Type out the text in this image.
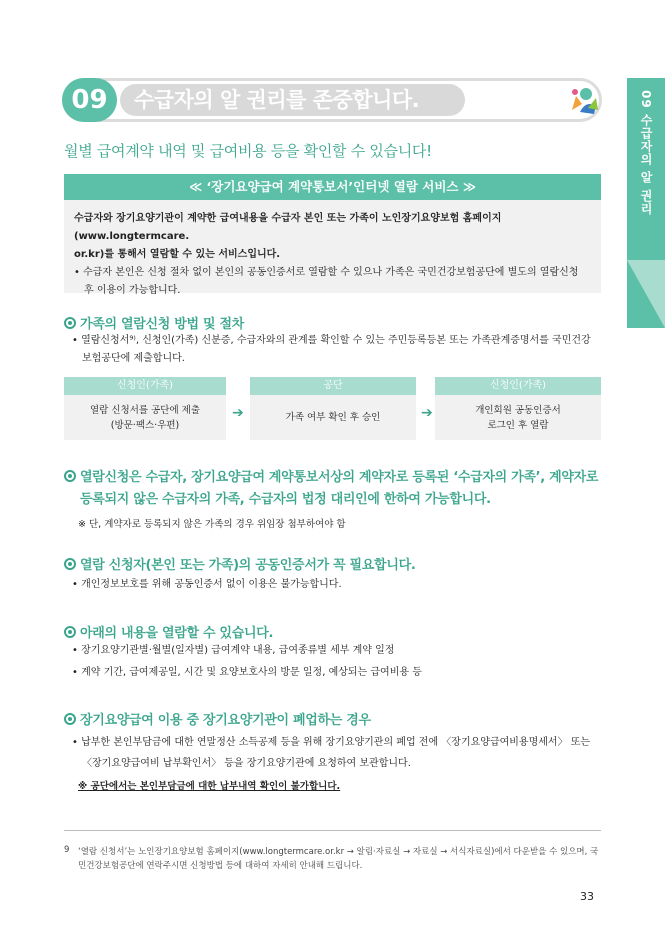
09 수급자의 알 권리
09	수급자의 알 권리를 존중합니다.
월별 급여계약 내역 및 급여비용 등을 확인할 수 있습니다!
≪ ‘장기요양급여 계약통보서’인터넷 열람 서비스 ≫
수급자와 장기요양기관이 계약한 급여내용을 수급자 본인 또는 가족이 노인장기요양보험 홈페이지(www.longtermcare.
or.kr)를 통해서 열람할 수 있는 서비스입니다.
• 수급자 본인은 신청 절차 없이 본인의 공동인증서로 열람할 수 있으나 가족은 국민건강보험공단에 별도의 열람신청 후 이용이 가능합니다.
가족의 열람신청 방법 및 절차
• 열람신청서⁹⁾, 신청인(가족) 신분증, 수급자와의 관계를 확인할 수 있는 주민등록등본 또는 가족관계증명서를 국민건강보험공단에 제출합니다.
신청인(가족)
열람 신청서를 공단에 제출
(방문·팩스·우편)
➔
공단
가족 여부 확인 후 승인	➔
신청인(가족)
개인회원 공동인증서
로그인 후 열람
열람신청은 수급자, 장기요양급여 계약통보서상의 계약자로 등록된 ‘수급자의 가족’, 계약자로
등록되지 않은 수급자의 가족, 수급자의 법정 대리인에 한하여 가능합니다.
※ 단, 계약자로 등록되지 않은 가족의 경우 위임장 첨부하여야 함
열람 신청자(본인 또는 가족)의 공동인증서가 꼭 필요합니다.
• 개인정보보호를 위해 공동인증서 없이 이용은 불가능합니다.
아래의 내용을 열람할 수 있습니다.
• 장기요양기관별·월별(일자별) 급여계약 내용, 급여종류별 세부 계약 일정
• 계약 기간, 급여제공일, 시간 및 요양보호사의 방문 일정, 예상되는 급여비용 등
장기요양급여 이용 중 장기요양기관이 폐업하는 경우
• 납부한 본인부담금에 대한 연말정산 소득공제 등을 위해 장기요양기관의 폐업 전에 〈장기요양급여비용명세서〉 또는 〈장기요양급여비 납부확인서〉 등을 장기요양기관에 요청하여 보관합니다.
※ 공단에서는 본인부담금에 대한 납부내역 확인이 불가합니다.
9 ‘열람 신청서’는 노인장기요양보험 홈페이지(www.longtermcare.or.kr → 알림·자료실 → 자료실 → 서식자료실)에서 다운받을 수 있으며, 국민건강보험공단에 연락주시면 신청방법 등에 대하여 자세히 안내해 드립니다.
33
